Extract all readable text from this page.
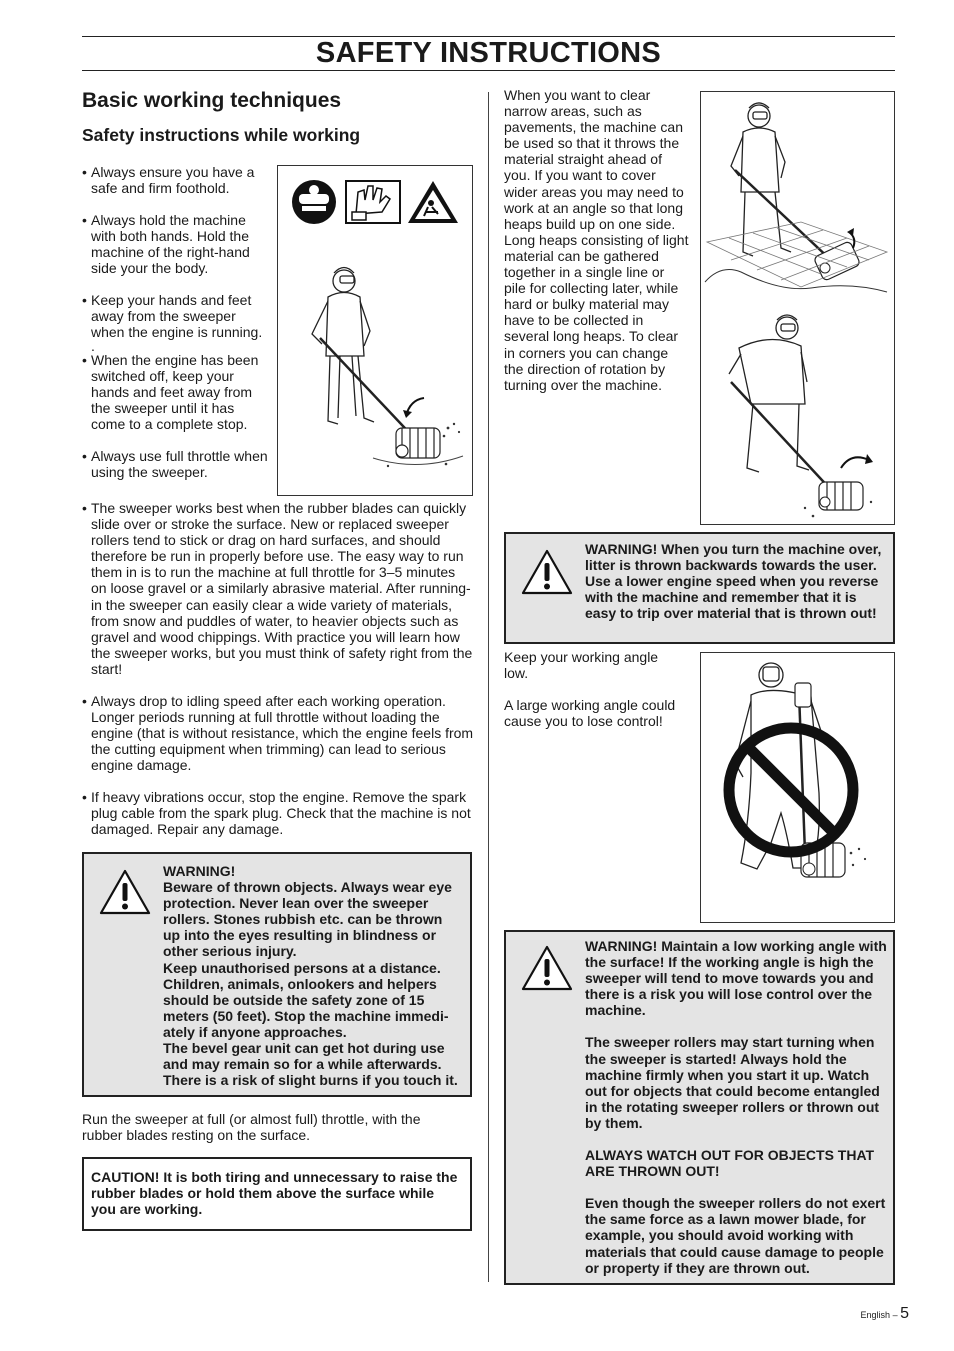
SAFETY INSTRUCTIONS
Basic working techniques
Safety instructions while working
• Always ensure you have a safe and firm foothold.
• Always hold the machine with both hands. Hold the machine of the right-hand side your the body.
• Keep your hands and feet away from the sweeper when the engine is running.
.
• When the engine has been switched off, keep your hands and feet away from the sweeper until it has come to a complete stop.
• Always use full throttle when using the sweeper.
• The sweeper works best when the rubber blades can quickly slide over or stroke the surface. New or replaced sweeper rollers tend to stick or drag on hard surfaces, and should therefore be run in properly before use. The easy way to run them in is to run the machine at full throttle for 3–5 minutes on loose gravel or a similarly abrasive material. After running-in the sweeper can easily clear a wide variety of materials, from snow and puddles of water, to heavier objects such as gravel and wood chippings. With practice you will learn how the sweeper works, but you must think of safety right from the start!
• Always drop to idling speed after each working operation. Longer periods running at full throttle without loading the engine (that is without resistance, which the engine feels from the cutting equipment when trimming) can lead to serious engine damage.
• If heavy vibrations occur, stop the engine. Remove the spark plug cable from the spark plug. Check that the machine is not damaged. Repair any damage.
WARNING!
Beware of thrown objects. Always wear eye
protection. Never lean over the sweeper
rollers. Stones rubbish etc. can be thrown
up into the eyes resulting in blindness or
other serious injury.
Keep unauthorised persons at a distance.
Children, animals, onlookers and helpers
should be outside the safety zone of 15
meters (50 feet). Stop the machine immedi-
ately if anyone approaches.
The bevel gear unit can get hot during use
and may remain so for a while afterwards.
There is a risk of slight burns if you touch it.
Run the sweeper at full (or almost full) throttle, with the rubber blades resting on the surface.
CAUTION! It is both tiring and unnecessary to raise the rubber blades or hold them above the surface while you are working.
When you want to clear
narrow areas, such as
pavements, the machine can
be used so that it throws the
material straight ahead of
you. If you want to cover
wider areas you may need to
work at an angle so that long
heaps build up on one side.
Long heaps consisting of light
material can be gathered
together in a single line or
pile for collecting later, while
hard or bulky material may
have to be collected in
several long heaps. To clear
in corners you can change
the direction of rotation by
turning over the machine.
WARNING! When you turn the machine over, litter is thrown backwards towards the user. Use a lower engine speed when you reverse with the machine and remember that it is easy to trip over material that is thrown out!
Keep your working angle
low.
A large working angle could
cause you to lose control!
WARNING! Maintain a low working angle with the surface! If the working angle is high the sweeper will tend to move towards you and there is a risk you will lose control over the machine.
The sweeper rollers may start turning when the sweeper is started! Always hold the machine firmly when you start it up. Watch out for objects that could become entangled in the rotating sweeper rollers or thrown out by them.
ALWAYS WATCH OUT FOR OBJECTS THAT ARE THROWN OUT!
Even though the sweeper rollers do not exert the same force as a lawn mower blade, for example, you should avoid working with materials that could cause damage to people or property if they are thrown out.
English – 5
